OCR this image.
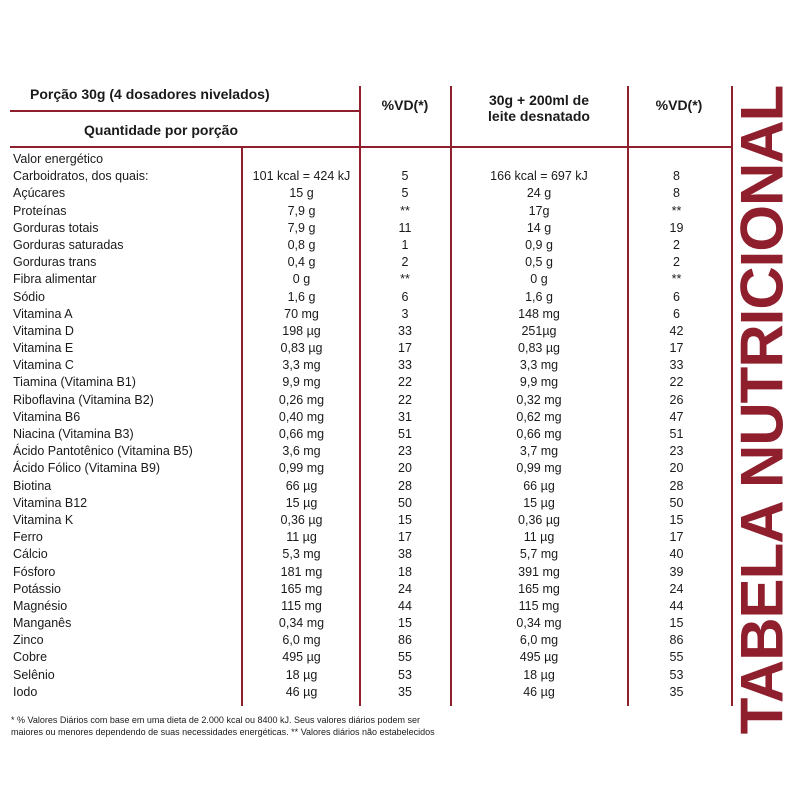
Porção 30g (4 dosadores nivelados)
Quantidade por porção
%VD(*)	30g + 200ml de
leite desnatado
%VD(*)
Valor energético
Carboidratos, dos quais:	101 kcal = 424 kJ	5	166 kcal = 697 kJ	8
Açúcares	15 g	5	24 g	8
Proteínas	7,9 g	**	17g	**
Gorduras totais	7,9 g	11	14 g	19
Gorduras saturadas	0,8 g	1	0,9 g	2
Gorduras trans	0,4 g	2	0,5 g	2
Fibra alimentar	0 g	**	0 g	**
Sódio	1,6 g	6	1,6 g	6
Vitamina A	70 mg	3	148 mg	6
Vitamina D	198 µg	33	251µg	42
Vitamina E	0,83 µg	17	0,83 µg	17
Vitamina C	3,3 mg	33	3,3 mg	33
Tiamina (Vitamina B1)	9,9 mg	22	9,9 mg	22
Riboflavina (Vitamina B2)	0,26 mg	22	0,32 mg	26
Vitamina B6	0,40 mg	31	0,62 mg	47
Niacina (Vitamina B3)	0,66 mg	51	0,66 mg	51
Ácido Pantotênico (Vitamina B5)	3,6 mg	23	3,7 mg	23
Ácido Fólico (Vitamina B9)	0,99 mg	20	0,99 mg	20
Biotina	66 µg	28	66 µg	28
Vitamina B12	15 µg	50	15 µg	50
Vitamina K	0,36 µg	15	0,36 µg	15
Ferro	11 µg	17	11 µg	17
Cálcio	5,3 mg	38	5,7 mg	40
Fósforo	181 mg	18	391 mg	39
Potássio	165 mg	24	165 mg	24
Magnésio	115 mg	44	115 mg	44
Manganês	0,34 mg	15	0,34 mg	15
Zinco	6,0 mg	86	6,0 mg	86
Cobre	495 µg	55	495 µg	55
Selênio	18 µg	53	18 µg	53
Iodo	46 µg	35	46 µg	35
* % Valores Diários com base em uma dieta de 2.000 kcal ou 8400 kJ. Seus valores diários podem ser
maiores ou menores dependendo de suas necessidades energéticas. ** Valores diários não estabelecidos	TABELA NUTRICIONAL
